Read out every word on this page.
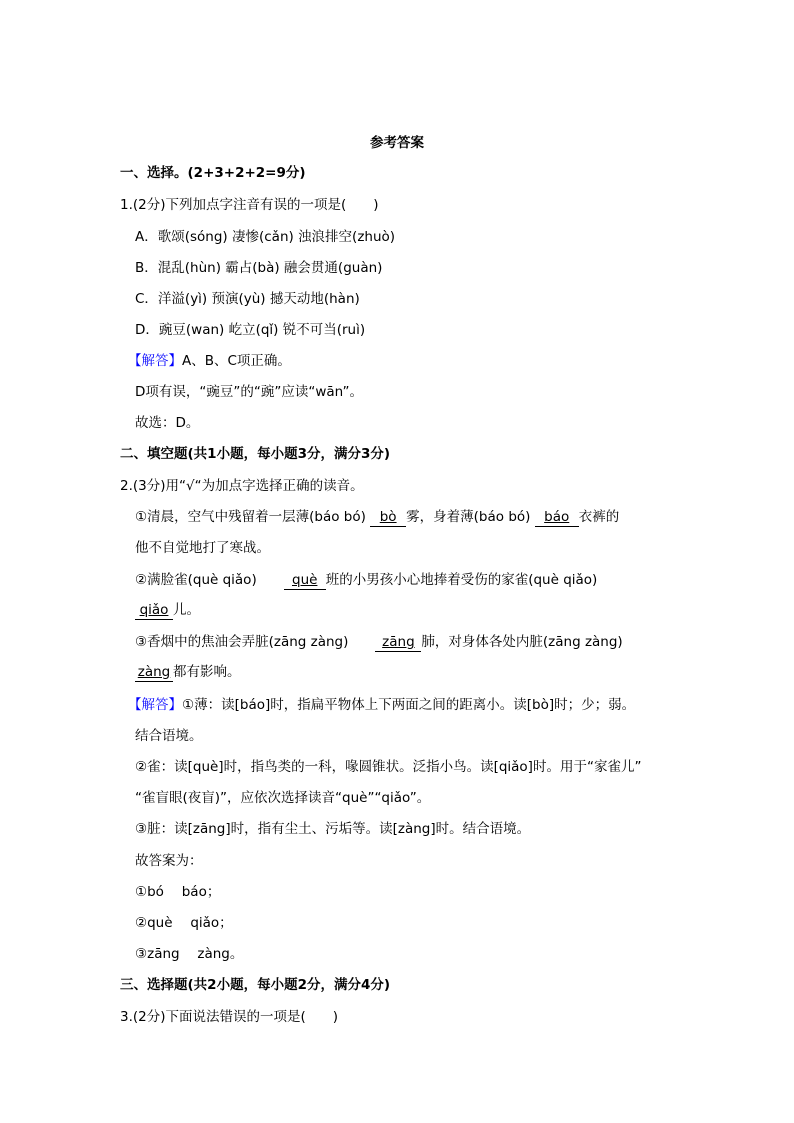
参考答案
一、选择。(2+3+2+2=9分)
1.(2分)下列加点字注音有误的一项是(　　)
A．歌颂(sóng) 凄惨(cǎn) 浊浪排空(zhuò)
B．混乱(hùn) 霸占(bà) 融会贯通(guàn)
C．洋溢(yì) 预演(yù) 撼天动地(hàn)
D．豌豆(wan) 屹立(qǐ) 锐不可当(ruì)
【解答】A、B、C项正确。
D项有误，“豌豆”的“豌”应读“wān”。
故选：D。
二、填空题(共1小题，每小题3分，满分3分)
2.(3分)用“√“为加点字选择正确的读音。
①清晨，空气中残留着一层薄(báo bó) bò 雾，身着薄(báo bó) báo 衣裤的
他不自觉地打了寒战。
②满脸雀(què qiǎo)　　	què 班的小男孩小心地捧着受伤的家雀(què qiǎo)
qiǎo 儿。
③香烟中的焦油会弄脏(zāng zàng)　　	zāng 肺，对身体各处内脏(zāng zàng)
zàng 都有影响。
【解答】①薄：读[báo]时，指扁平物体上下两面之间的距离小。读[bò]时；少；弱。
结合语境。
②雀：读[què]时，指鸟类的一科，喙圆锥状。泛指小鸟。读[qiǎo]时。用于“家雀儿”
“雀盲眼(夜盲)”，应依次选择读音“què”“qiǎo”。
③脏：读[zāng]时，指有尘土、污垢等。读[zàng]时。结合语境。
故答案为：
①bó　 báo；
②què　 qiǎo；
③zāng　 zàng。
三、选择题(共2小题，每小题2分，满分4分)
3.(2分)下面说法错误的一项是(　　)
